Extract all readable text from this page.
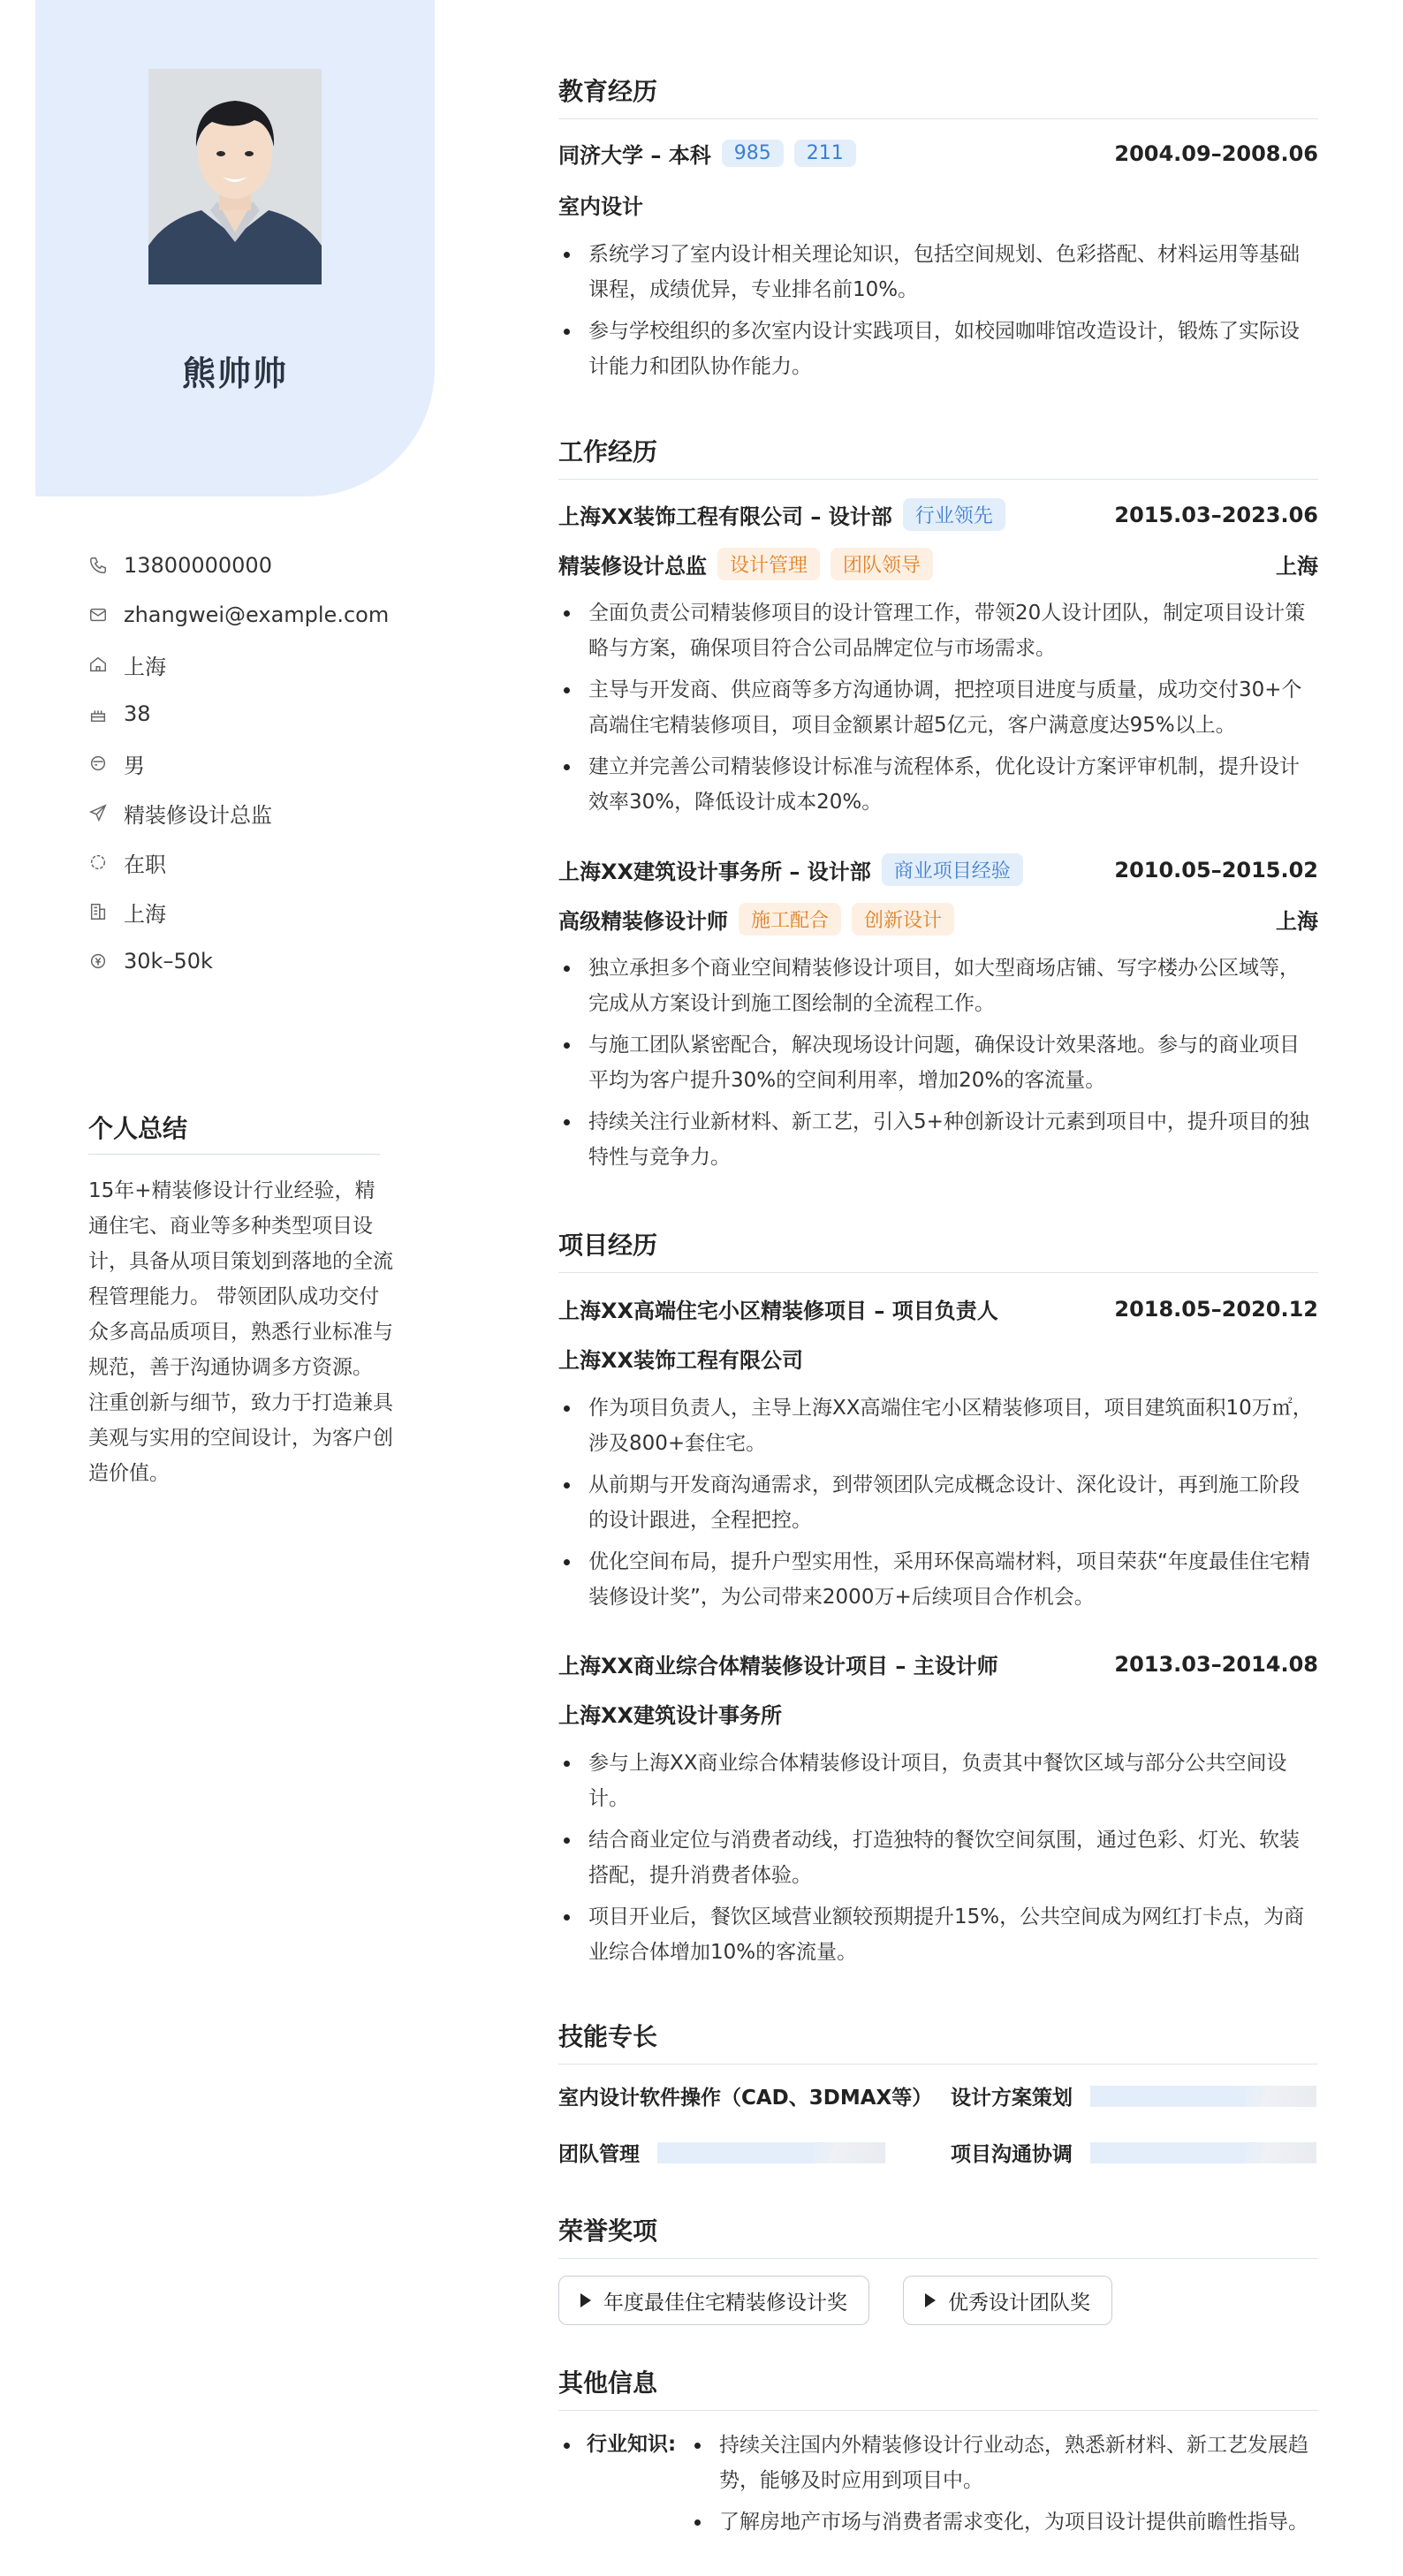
熊帅帅
13800000000
zhangwei@example.com
上海
38
男
精装修设计总监
在职
上海
30k–50k
个人总结
15年+精装修设计行业经验，精通住宅、商业等多种类型项目设计，具备从项目策划到落地的全流程管理能力。 带领团队成功交付众多高品质项目，熟悉行业标准与规范，善于沟通协调多方资源。 注重创新与细节，致力于打造兼具美观与实用的空间设计，为客户创造价值。
教育经历
同济大学 – 本科	985	211	2004.09–2008.06
室内设计
系统学习了室内设计相关理论知识，包括空间规划、色彩搭配、材料运用等基础课程，成绩优异，专业排名前10%。
参与学校组织的多次室内设计实践项目，如校园咖啡馆改造设计，锻炼了实际设计能力和团队协作能力。
工作经历
上海XX装饰工程有限公司 – 设计部	行业领先	2015.03–2023.06
精装修设计总监	设计管理	团队领导	上海
全面负责公司精装修项目的设计管理工作，带领20人设计团队，制定项目设计策略与方案，确保项目符合公司品牌定位与市场需求。
主导与开发商、供应商等多方沟通协调，把控项目进度与质量，成功交付30+个高端住宅精装修项目，项目金额累计超5亿元，客户满意度达95%以上。
建立并完善公司精装修设计标准与流程体系，优化设计方案评审机制，提升设计效率30%，降低设计成本20%。
上海XX建筑设计事务所 – 设计部	商业项目经验	2010.05–2015.02
高级精装修设计师	施工配合	创新设计	上海
独立承担多个商业空间精装修设计项目，如大型商场店铺、写字楼办公区域等，完成从方案设计到施工图绘制的全流程工作。
与施工团队紧密配合，解决现场设计问题，确保设计效果落地。参与的商业项目平均为客户提升30%的空间利用率，增加20%的客流量。
持续关注行业新材料、新工艺，引入5+种创新设计元素到项目中，提升项目的独特性与竞争力。
项目经历
上海XX高端住宅小区精装修项目 – 项目负责人	2018.05–2020.12
上海XX装饰工程有限公司
作为项目负责人，主导上海XX高端住宅小区精装修项目，项目建筑面积10万㎡，涉及800+套住宅。
从前期与开发商沟通需求，到带领团队完成概念设计、深化设计，再到施工阶段的设计跟进，全程把控。
优化空间布局，提升户型实用性，采用环保高端材料，项目荣获“年度最佳住宅精装修设计奖”，为公司带来2000万+后续项目合作机会。
上海XX商业综合体精装修设计项目 – 主设计师	2013.03–2014.08
上海XX建筑设计事务所
参与上海XX商业综合体精装修设计项目，负责其中餐饮区域与部分公共空间设计。
结合商业定位与消费者动线，打造独特的餐饮空间氛围，通过色彩、灯光、软装搭配，提升消费者体验。
项目开业后，餐饮区域营业额较预期提升15%，公共空间成为网红打卡点，为商业综合体增加10%的客流量。
技能专长
室内设计软件操作（CAD、3DMAX等） 设计方案策划
团队管理	项目沟通协调
荣誉奖项
年度最佳住宅精装修设计奖	优秀设计团队奖
其他信息
行业知识:	持续关注国内外精装修设计行业动态，熟悉新材料、新工艺发展趋势，能够及时应用到项目中。
了解房地产市场与消费者需求变化，为项目设计提供前瞻性指导。
